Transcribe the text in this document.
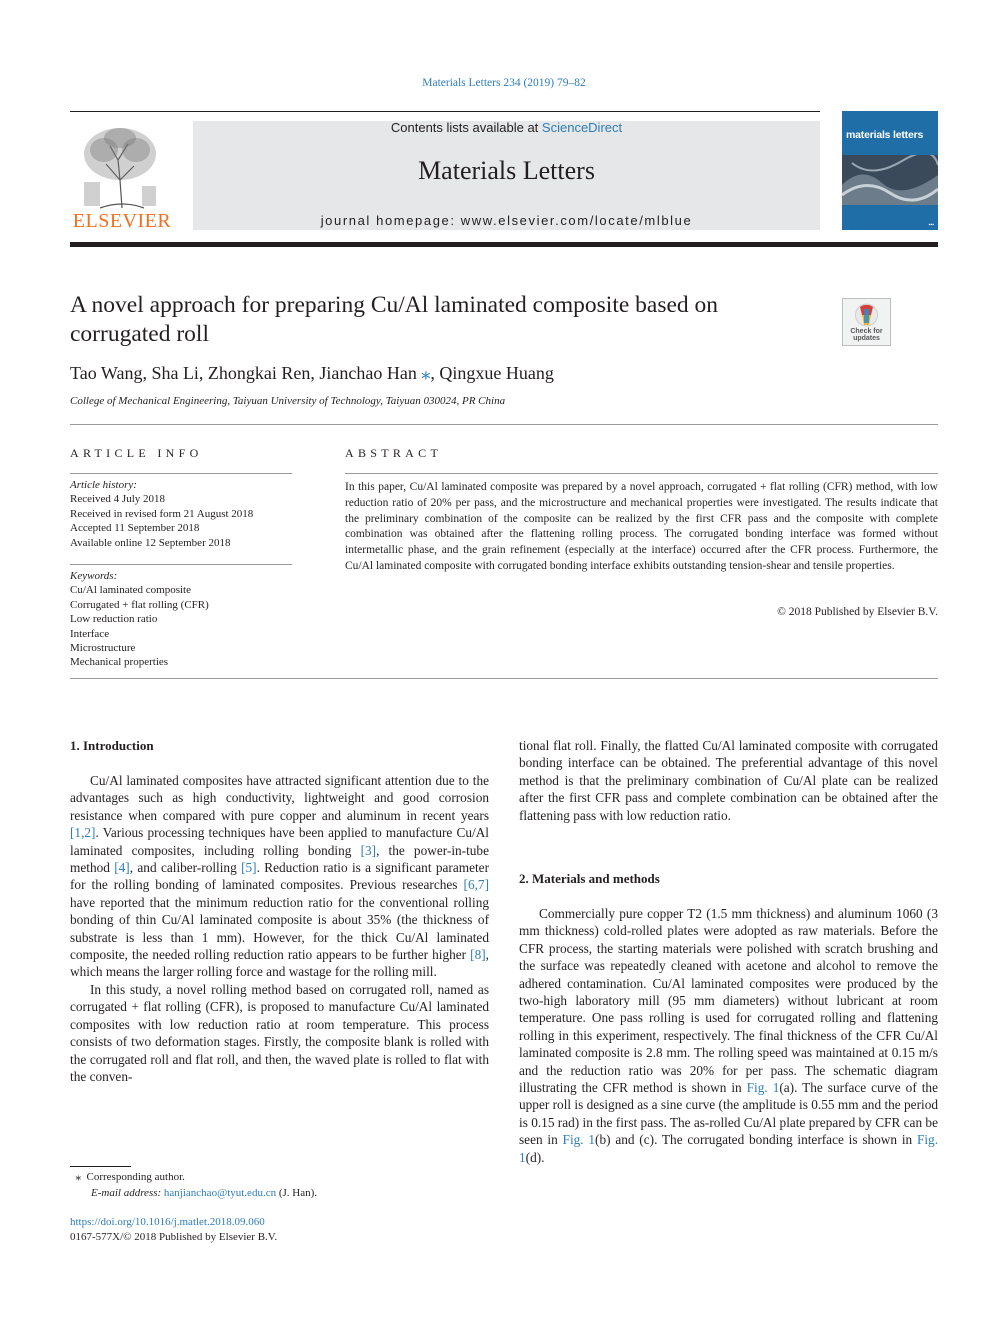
Materials Letters 234 (2019) 79–82
ELSEVIER
Contents lists available at ScienceDirect
Materials Letters
journal homepage: www.elsevier.com/locate/mlblue
materials letters
▪▪▪
A novel approach for preparing Cu/Al laminated composite based on corrugated roll	Check for updates
Tao Wang, Sha Li, Zhongkai Ren, Jianchao Han ⁎, Qingxue Huang
College of Mechanical Engineering, Taiyuan University of Technology, Taiyuan 030024, PR China
ARTICLE INFO
Article history:
Received 4 July 2018
Received in revised form 21 August 2018
Accepted 11 September 2018
Available online 12 September 2018
Keywords:
Cu/Al laminated composite
Corrugated + flat rolling (CFR)
Low reduction ratio
Interface
Microstructure
Mechanical properties
ABSTRACT
In this paper, Cu/Al laminated composite was prepared by a novel approach, corrugated + flat rolling (CFR) method, with low reduction ratio of 20% per pass, and the microstructure and mechanical properties were investigated. The results indicate that the preliminary combination of the composite can be realized by the first CFR pass and the composite with complete combination was obtained after the flattening rolling process. The corrugated bonding interface was formed without intermetallic phase, and the grain refinement (especially at the interface) occurred after the CFR process. Furthermore, the Cu/Al laminated composite with corrugated bonding interface exhibits outstanding tension-shear and tensile properties.
© 2018 Published by Elsevier B.V.
1. Introduction

Cu/Al laminated composites have attracted significant attention due to the advantages such as high conductivity, lightweight and good corrosion resistance when compared with pure copper and aluminum in recent years [1,2]. Various processing techniques have been applied to manufacture Cu/Al laminated composites, including rolling bonding [3], the power-in-tube method [4], and caliber-rolling [5]. Reduction ratio is a significant parameter for the rolling bonding of laminated composites. Previous researches [6,7] have reported that the minimum reduction ratio for the conventional rolling bonding of thin Cu/Al laminated composite is about 35% (the thickness of substrate is less than 1 mm). However, for the thick Cu/Al laminated composite, the needed rolling reduction ratio appears to be further higher [8], which means the larger rolling force and wastage for the rolling mill.

In this study, a novel rolling method based on corrugated roll, named as corrugated + flat rolling (CFR), is proposed to manufacture Cu/Al laminated composites with low reduction ratio at room temperature. This process consists of two deformation stages. Firstly, the composite blank is rolled with the corrugated roll and flat roll, and then, the waved plate is rolled to flat with the conven-

tional flat roll. Finally, the flatted Cu/Al laminated composite with corrugated bonding interface can be obtained. The preferential advantage of this novel method is that the preliminary combination of Cu/Al plate can be realized after the first CFR pass and complete combination can be obtained after the flattening pass with low reduction ratio.

2. Materials and methods

Commercially pure copper T2 (1.5 mm thickness) and aluminum 1060 (3 mm thickness) cold-rolled plates were adopted as raw materials. Before the CFR process, the starting materials were polished with scratch brushing and the surface was repeatedly cleaned with acetone and alcohol to remove the adhered contamination. Cu/Al laminated composites were produced by the two-high laboratory mill (95 mm diameters) without lubricant at room temperature. One pass rolling is used for corrugated rolling and flattening rolling in this experiment, respectively. The final thickness of the CFR Cu/Al laminated composite is 2.8 mm. The rolling speed was maintained at 0.15 m/s and the reduction ratio was 20% for per pass. The schematic diagram illustrating the CFR method is shown in Fig. 1(a). The surface curve of the upper roll is designed as a sine curve (the amplitude is 0.55 mm and the period is 0.15 rad) in the first pass. The as-rolled Cu/Al plate prepared by CFR can be seen in Fig. 1(b) and (c). The corrugated bonding interface is shown in Fig. 1(d).

⁎ Corresponding author.
E-mail address: hanjianchao@tyut.edu.cn (J. Han).
https://doi.org/10.1016/j.matlet.2018.09.060
0167-577X/© 2018 Published by Elsevier B.V.
